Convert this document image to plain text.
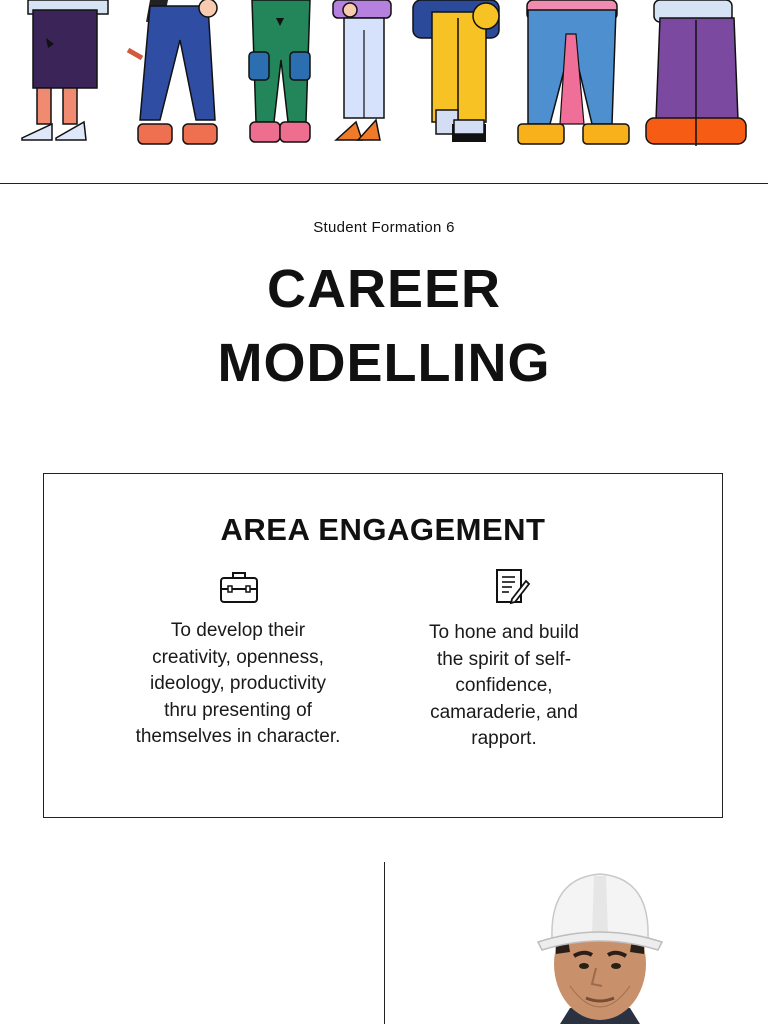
Student Formation 6
CAREER
MODELLING
AREA ENGAGEMENT
To develop their creativity, openness, ideology, productivity thru presenting of themselves in character.
To hone and build the spirit of self-confidence, camaraderie, and rapport.
